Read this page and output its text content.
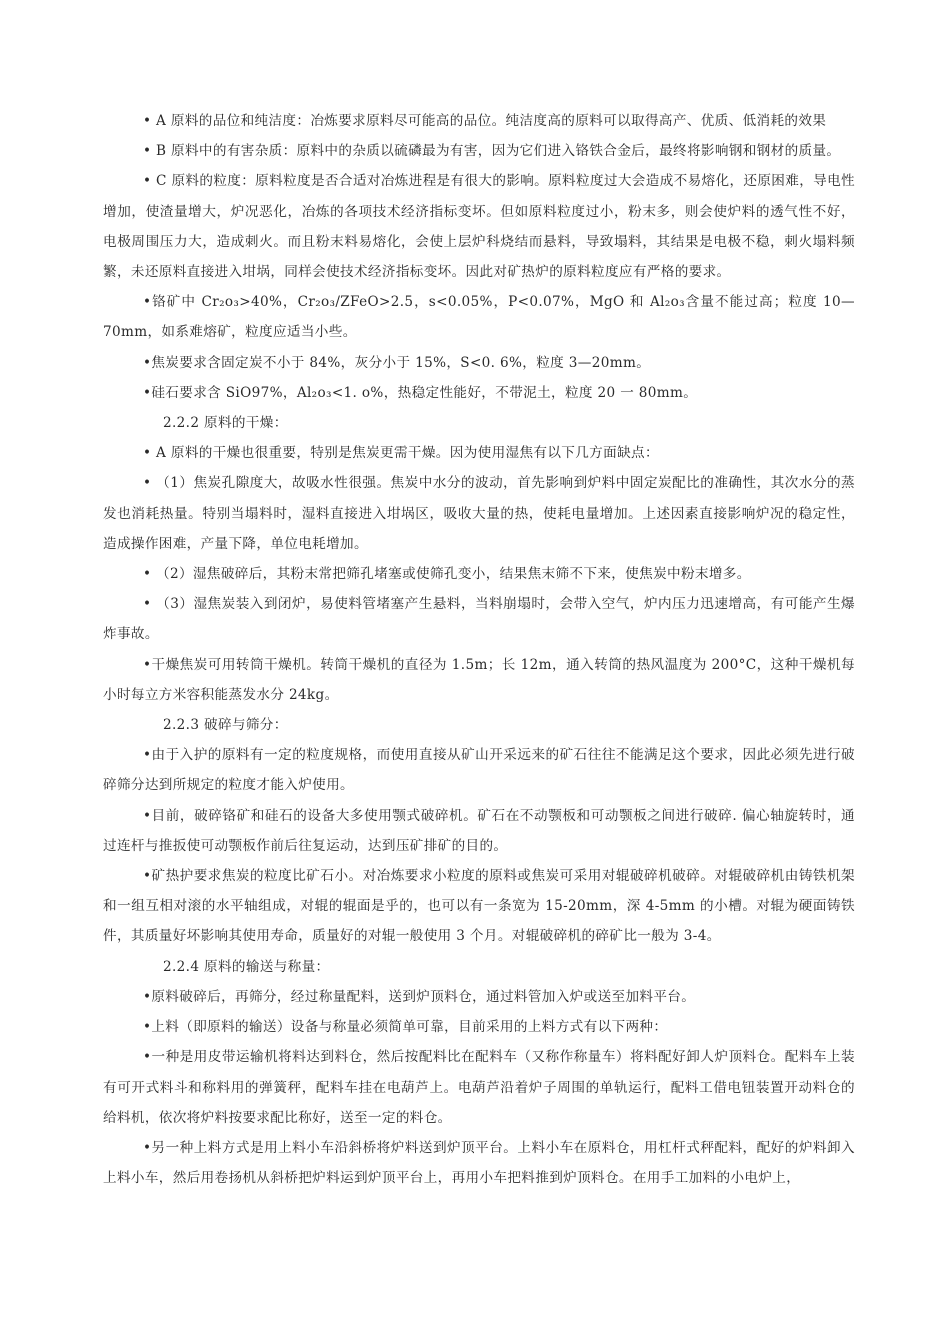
• A 原料的品位和纯洁度：冶炼要求原料尽可能高的品位。纯洁度高的原料可以取得高产、优质、低消耗的效果

• B 原料中的有害杂质：原料中的杂质以硫磷最为有害，因为它们进入铬铁合金后，最终将影响钢和钢材的质量。

• C 原料的粒度：原料粒度是否合适对冶炼进程是有很大的影响。原料粒度过大会造成不易熔化，还原困难，导电性增加，使渣量增大，炉况恶化，冶炼的各项技术经济指标变坏。但如原料粒度过小，粉末多，则会使炉料的透气性不好，电极周围压力大，造成刺火。而且粉末料易熔化，会使上层炉科烧结而悬料，导致塌料，其结果是电极不稳，刺火塌料频繁，未还原料直接进入坩埚，同样会使技术经济指标变坏。因此对矿热炉的原料粒度应有严格的要求。

•铬矿中 Cr₂o₃>40%，Cr₂o₃/ZFeO>2.5，s<0.05%，P<0.07%，MgO 和 Al₂o₃含量不能过高；粒度 10—70mm，如系难熔矿，粒度应适当小些。

•焦炭要求含固定炭不小于 84%，灰分小于 15%，S<0. 6%，粒度 3—20mm。

•硅石要求含 SiO97%，Al₂o₃<1. o%，热稳定性能好，不带泥土，粒度 20 一 80mm。

2.2.2 原料的干燥：

• A 原料的干燥也很重要，特别是焦炭更需干燥。因为使用湿焦有以下几方面缺点：

• （1）焦炭孔隙度大，故吸水性很强。焦炭中水分的波动，首先影响到炉料中固定炭配比的准确性，其次水分的蒸发也消耗热量。特别当塌料时，湿料直接进入坩埚区，吸收大量的热，使耗电量增加。上述因素直接影响炉况的稳定性，造成操作困难，产量下降，单位电耗增加。

• （2）湿焦破碎后，其粉末常把筛孔堵塞或使筛孔变小，结果焦末筛不下来，使焦炭中粉末增多。

• （3）湿焦炭装入到闭炉，易使料管堵塞产生悬料，当料崩塌时，会带入空气，炉内压力迅速增高，有可能产生爆炸事故。

•干燥焦炭可用转筒干燥机。转筒干燥机的直径为 1.5m；长 12m，通入转筒的热风温度为 200°C，这种干燥机每小时每立方米容积能蒸发水分 24kg。

2.2.3 破碎与筛分：

•由于入护的原料有一定的粒度规格，而使用直接从矿山开采远来的矿石往往不能满足这个要求，因此必须先进行破碎筛分达到所规定的粒度才能入炉使用。

•目前，破碎铬矿和硅石的设备大多使用颚式破碎机。矿石在不动颚板和可动颚板之间进行破碎. 偏心轴旋转时，通过连杆与推扳使可动颚板作前后往复运动，达到压矿排矿的目的。

•矿热护要求焦炭的粒度比矿石小。对冶炼要求小粒度的原料或焦炭可采用对辊破碎机破碎。对辊破碎机由铸铁机架和一组互相对滚的水平轴组成，对辊的辊面是乎的，也可以有一条宽为 15-20mm，深 4-5mm 的小槽。对辊为硬面铸铁件，其质量好坏影响其使用寿命，质量好的对辊一般使用 3 个月。对辊破碎机的碎矿比一般为 3-4。

2.2.4 原料的输送与称量：

•原料破碎后，再筛分，经过称量配料，送到炉顶料仓，通过料管加入炉或送至加料平台。

•上料（即原料的输送）设备与称量必须简单可靠，目前采用的上料方式有以下两种：

•一种是用皮带运输机将料达到料仓，然后按配料比在配料车（又称作称量车）将料配好卸人炉顶料仓。配料车上装有可开式料斗和称料用的弹簧秤，配料车挂在电葫芦上。电葫芦沿着炉子周围的单轨运行，配料工借电钮装置开动料仓的给料机，依次将炉料按要求配比称好，送至一定的料仓。

•另一种上料方式是用上料小车沿斜桥将炉料送到炉顶平台。上料小车在原料仓，用杠杆式秤配料，配好的炉料卸入上料小车，然后用卷扬机从斜桥把炉料运到炉顶平台上，再用小车把料推到炉顶料仓。在用手工加料的小电炉上，
